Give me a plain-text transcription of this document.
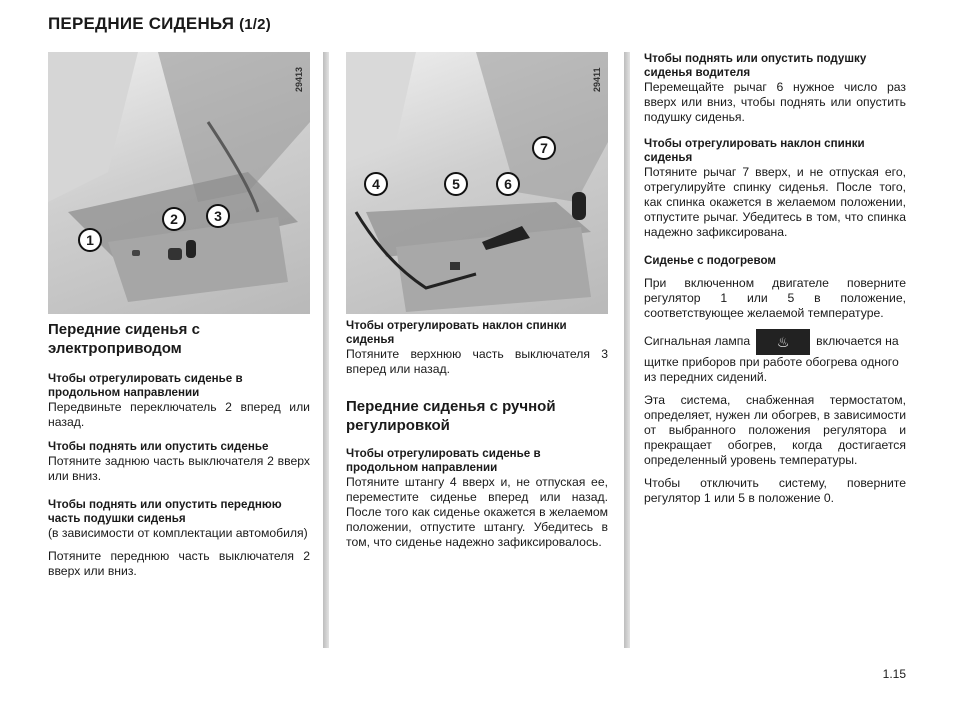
ПЕРЕДНИЕ СИДЕНЬЯ (1/2)
29413
1
2	3
29411
4	5	6
7

Передние сиденья с электроприводом

Чтобы отрегулировать сиденье в продольном направлении

Передвиньте переключатель 2 вперед или назад.

Чтобы поднять или опустить сиденье

Потяните заднюю часть выключателя 2 вверх или вниз.

Чтобы поднять или опустить переднюю часть подушки сиденья

(в зависимости от комплектации автомобиля)

Потяните переднюю часть выключателя 2 вверх или вниз.

Чтобы отрегулировать наклон спинки сиденья

Потяните верхнюю часть выключателя 3 вперед или назад.

Передние сиденья с ручной регулировкой

Чтобы отрегулировать сиденье в продольном направлении

Потяните штангу 4 вверх и, не отпуская ее, переместите сиденье вперед или назад. После того как сиденье окажется в желаемом положении, отпустите штангу. Убедитесь в том, что сиденье надежно зафиксировалось.

Чтобы поднять или опустить подушку сиденья водителя

Перемещайте рычаг 6 нужное число раз вверх или вниз, чтобы поднять или опустить подушку сиденья.

Чтобы отрегулировать наклон спинки сиденья

Потяните рычаг 7 вверх, и не отпуская его, отрегулируйте спинку сиденья. После того, как спинка окажется в желаемом положении, отпустите рычаг. Убедитесь в том, что спинка надежно зафиксирована.

Сиденье с подогревом

При включенном двигателе поверните регулятор 1 или 5 в положение, соответствующее желаемой температуре.

Сигнальная лампа ♨	включается на щитке приборов при работе обогрева одного из передних сидений.

Эта система, снабженная термостатом, определяет, нужен ли обогрев, в зависимости от выбранного положения регулятора и прекращает обогрев, когда достигается определенный уровень температуры.

Чтобы отключить систему, поверните регулятор 1 или 5 в положение 0.

1.15
